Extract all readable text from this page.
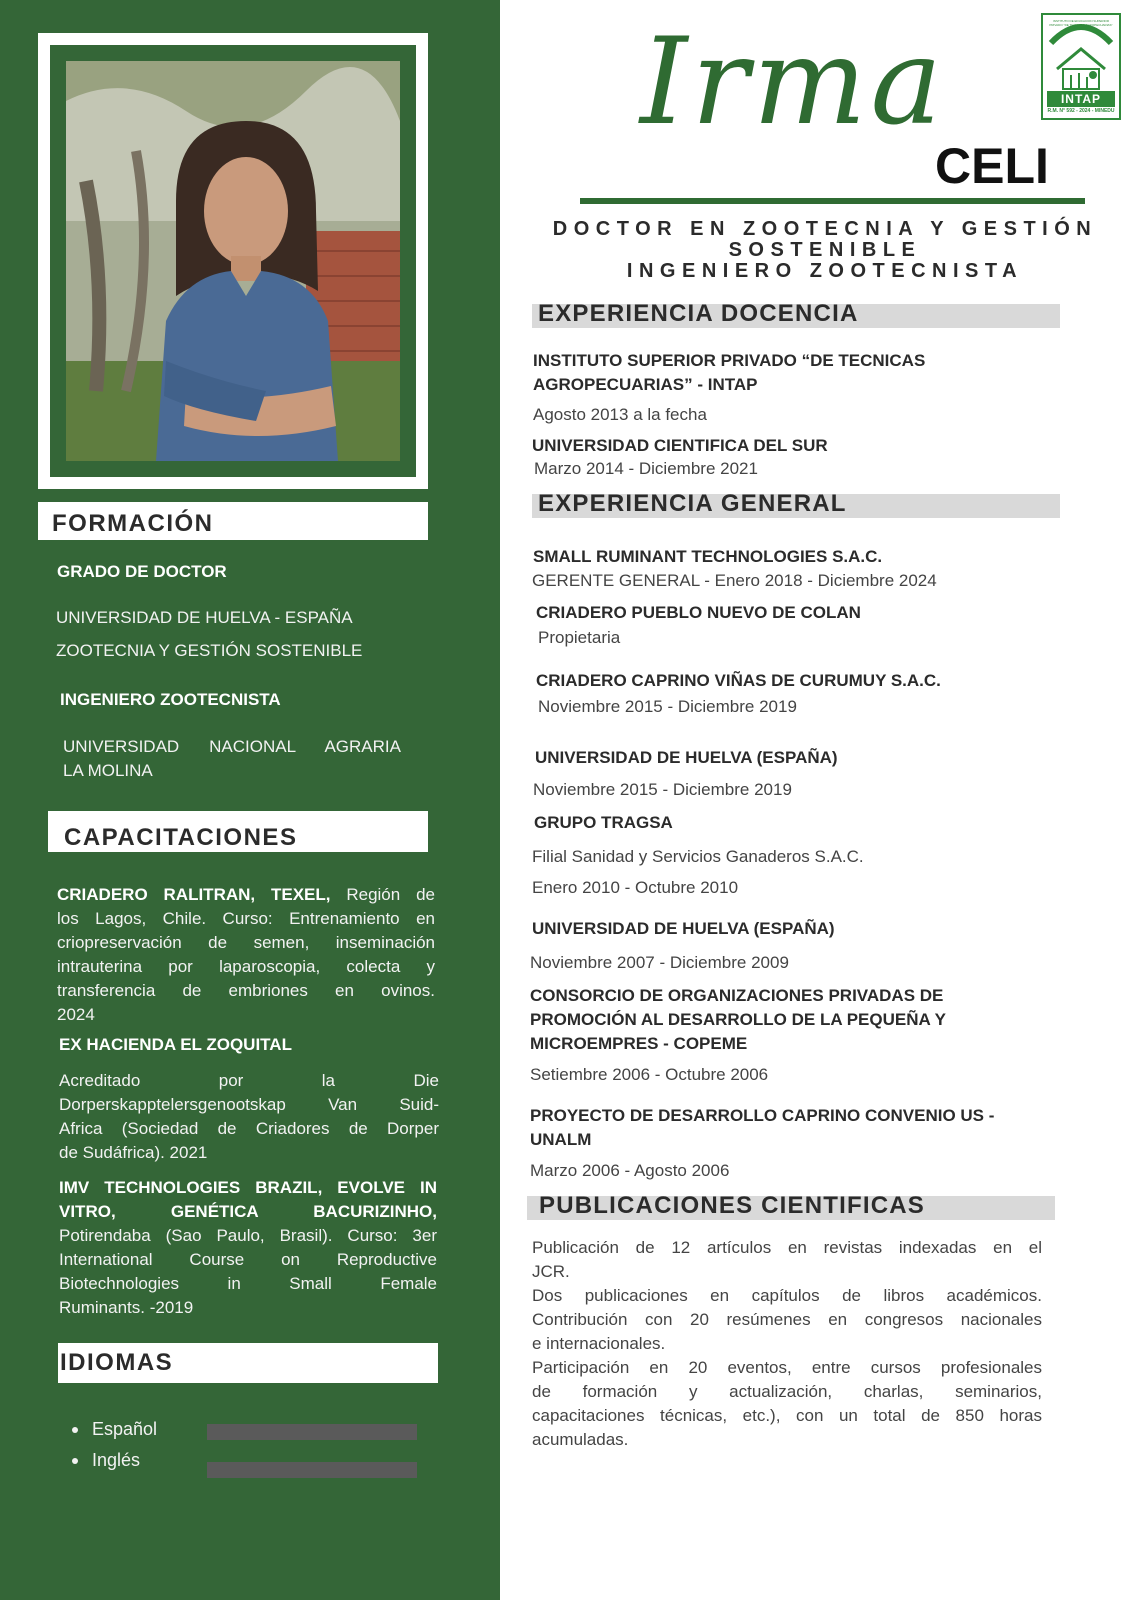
FORMACIÓN
GRADO DE DOCTOR
UNIVERSIDAD DE HUELVA - ESPAÑA
ZOOTECNIA Y GESTIÓN SOSTENIBLE
INGENIERO ZOOTECNISTA
UNIVERSIDAD NACIONAL AGRARIA
LA MOLINA
CAPACITACIONES
CRIADERO RALITRAN, TEXEL, Región de
los Lagos, Chile. Curso: Entrenamiento en
criopreservación de semen, inseminación
intrauterina por laparoscopia, colecta y
transferencia de embriones en ovinos.
2024
EX HACIENDA EL ZOQUITAL
Acreditado por la Die
Dorperskapptelersgenootskap Van Suid-
Africa (Sociedad de Criadores de Dorper
de Sudáfrica). 2021
IMV TECHNOLOGIES BRAZIL, EVOLVE IN
VITRO, GENÉTICA BACURIZINHO,
Potirendaba (Sao Paulo, Brasil). Curso: 3er
International Course on Reproductive
Biotechnologies in Small Female
Ruminants. -2019
IDIOMAS
Español
Inglés
INSTITUTO DE EDUCACION SUPERIOR PRIVADO "DE TECNICAS AGROPECUARIAS"
INTAP
R.M. N° 592 - 2024 - MINEDU
Irma
CELI
DOCTOR EN ZOOTECNIA Y GESTIÓN
SOSTENIBLE
INGENIERO ZOOTECNISTA
EXPERIENCIA DOCENCIA
INSTITUTO SUPERIOR PRIVADO “DE TECNICAS
AGROPECUARIAS” - INTAP
Agosto 2013 a la fecha
UNIVERSIDAD CIENTIFICA DEL SUR
Marzo 2014 - Diciembre 2021
EXPERIENCIA GENERAL
SMALL RUMINANT TECHNOLOGIES S.A.C.
GERENTE GENERAL - Enero 2018 - Diciembre 2024
CRIADERO PUEBLO NUEVO DE COLAN
Propietaria
CRIADERO CAPRINO VIÑAS DE CURUMUY S.A.C.
Noviembre 2015 - Diciembre 2019
UNIVERSIDAD DE HUELVA (ESPAÑA)
Noviembre 2015 - Diciembre 2019
GRUPO TRAGSA
Filial Sanidad y Servicios Ganaderos S.A.C.
Enero 2010 - Octubre 2010
UNIVERSIDAD DE HUELVA (ESPAÑA)
Noviembre 2007 - Diciembre 2009
CONSORCIO DE ORGANIZACIONES PRIVADAS DE
PROMOCIÓN AL DESARROLLO DE LA PEQUEÑA Y
MICROEMPRES - COPEME
Setiembre 2006 - Octubre 2006
PROYECTO DE DESARROLLO CAPRINO CONVENIO US -
UNALM
Marzo 2006 - Agosto 2006
PUBLICACIONES CIENTIFICAS
Publicación de 12 artículos en revistas indexadas en el
JCR.
Dos publicaciones en capítulos de libros académicos.
Contribución con 20 resúmenes en congresos nacionales
e internacionales.
Participación en 20 eventos, entre cursos profesionales
de formación y actualización, charlas, seminarios,
capacitaciones técnicas, etc.), con un total de 850 horas
acumuladas.
